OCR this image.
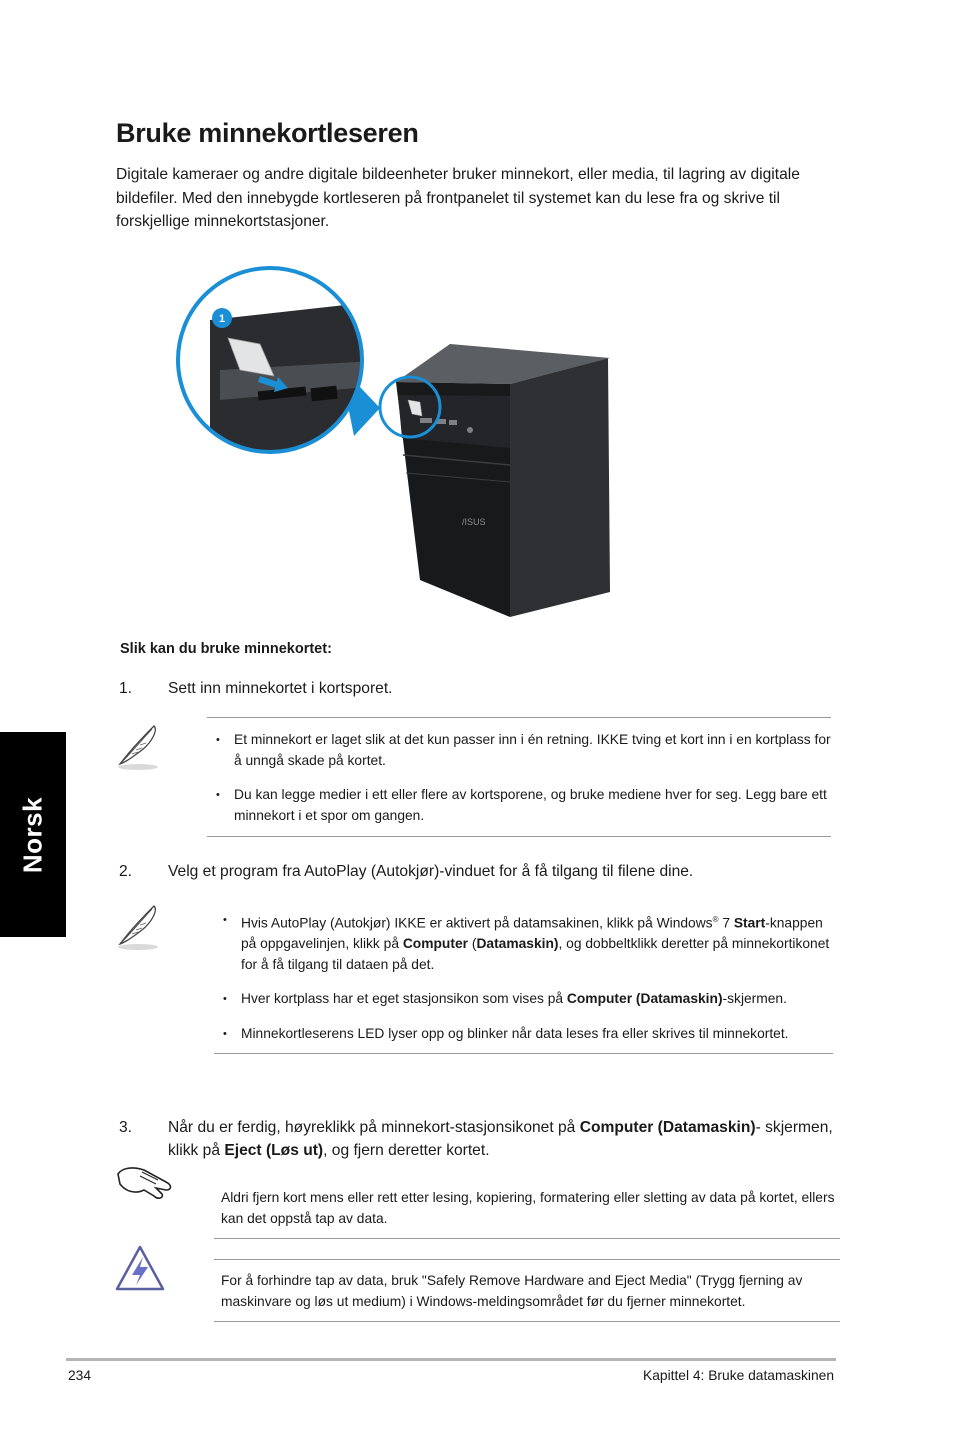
Bruke minnekortleseren

Digitale kameraer og andre digitale bildeenheter bruker minnekort, eller media, til lagring av digitale bildefiler. Med den innebygde kortleseren på frontpanelet til systemet kan du lese fra og skrive til forskjellige minnekortstasjoner.

Norsk
/ISUS
1

Slik kan du bruke minnekortet:

1. Sett inn minnekortet i kortsporet.
• Et minnekort er laget slik at det kun passer inn i én retning. IKKE tving et kort inn i en kortplass for å unngå skade på kortet.
• Du kan legge medier i ett eller flere av kortsporene, og bruke mediene hver for seg. Legg bare ett minnekort i et spor om gangen.
2. Velg et program fra AutoPlay (Autokjør)-vinduet for å få tilgang til filene dine.
• Hvis AutoPlay (Autokjør) IKKE er aktivert på datamsakinen, klikk på Windows® 7 Start-knappen på oppgavelinjen, klikk på Computer (Datamaskin), og dobbeltklikk deretter på minnekortikonet for å få tilgang til dataen på det.
• Hver kortplass har et eget stasjonsikon som vises på Computer (Datamaskin)-skjermen.
• Minnekortleserens LED lyser opp og blinker når data leses fra eller skrives til minnekortet.
3. Når du er ferdig, høyreklikk på minnekort-stasjonsikonet på Computer (Datamaskin)- skjermen, klikk på Eject (Løs ut), og fjern deretter kortet.

Aldri fjern kort mens eller rett etter lesing, kopiering, formatering eller sletting av data på kortet, ellers kan det oppstå tap av data.

For å forhindre tap av data, bruk "Safely Remove Hardware and Eject Media" (Trygg fjerning av maskinvare og løs ut medium) i Windows-meldingsområdet før du fjerner minnekortet.

234	Kapittel 4: Bruke datamaskinen
